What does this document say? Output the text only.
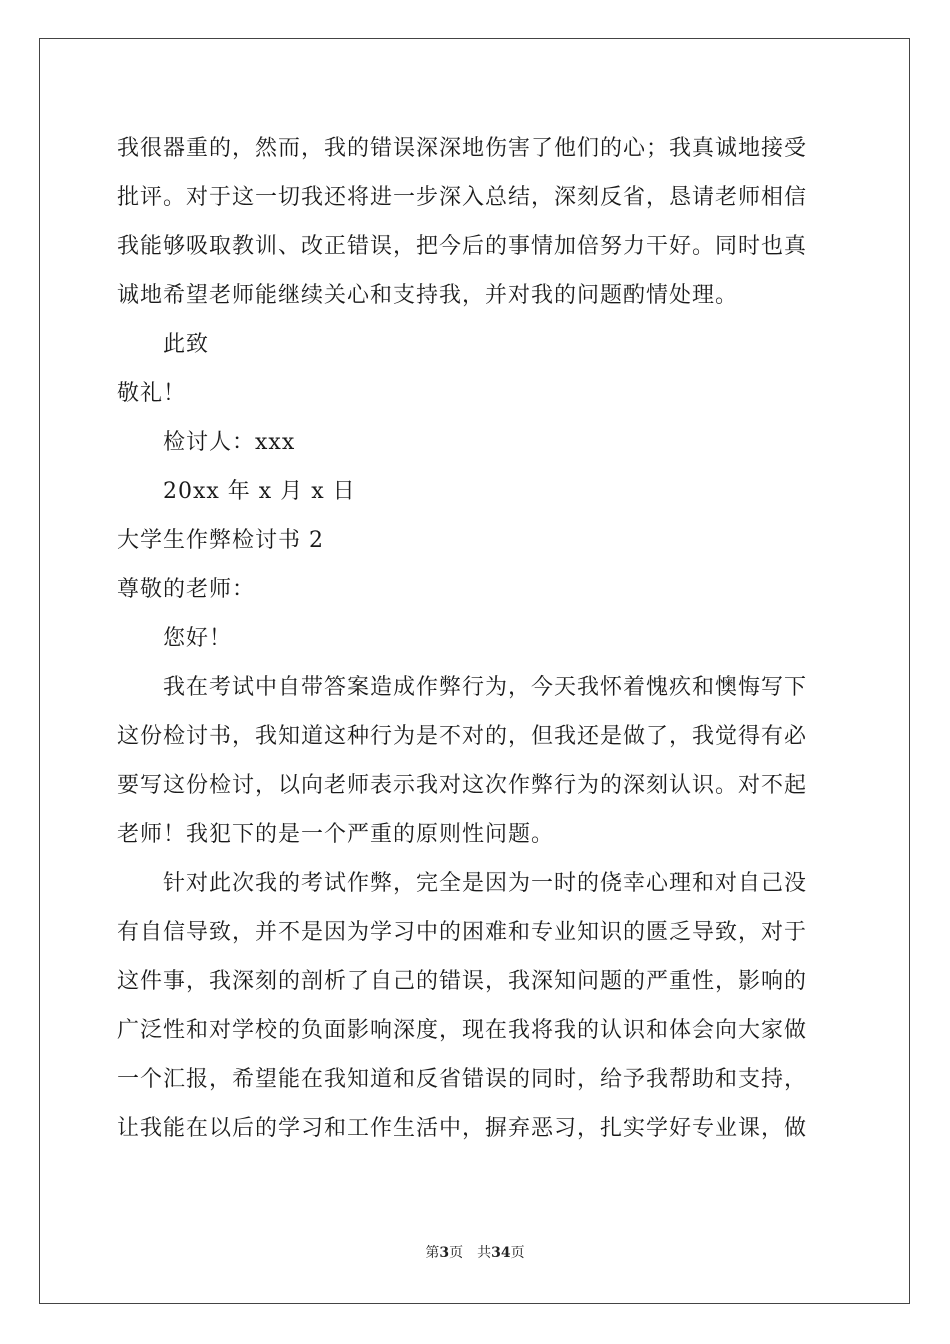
我很器重的，然而，我的错误深深地伤害了他们的心；我真诚地接受
批评。对于这一切我还将进一步深入总结，深刻反省，恳请老师相信
我能够吸取教训、改正错误，把今后的事情加倍努力干好。同时也真
诚地希望老师能继续关心和支持我，并对我的问题酌情处理。
此致
敬礼！
检讨人：xxx
20xx 年 x 月 x 日
大学生作弊检讨书 2
尊敬的老师：
您好！
我在考试中自带答案造成作弊行为，今天我怀着愧疚和懊悔写下
这份检讨书，我知道这种行为是不对的，但我还是做了，我觉得有必
要写这份检讨，以向老师表示我对这次作弊行为的深刻认识。对不起
老师！我犯下的是一个严重的原则性问题。
针对此次我的考试作弊，完全是因为一时的侥幸心理和对自己没
有自信导致，并不是因为学习中的困难和专业知识的匮乏导致，对于
这件事，我深刻的剖析了自己的错误，我深知问题的严重性，影响的
广泛性和对学校的负面影响深度，现在我将我的认识和体会向大家做
一个汇报，希望能在我知道和反省错误的同时，给予我帮助和支持，
让我能在以后的学习和工作生活中，摒弃恶习，扎实学好专业课，做
第3页 共34页
